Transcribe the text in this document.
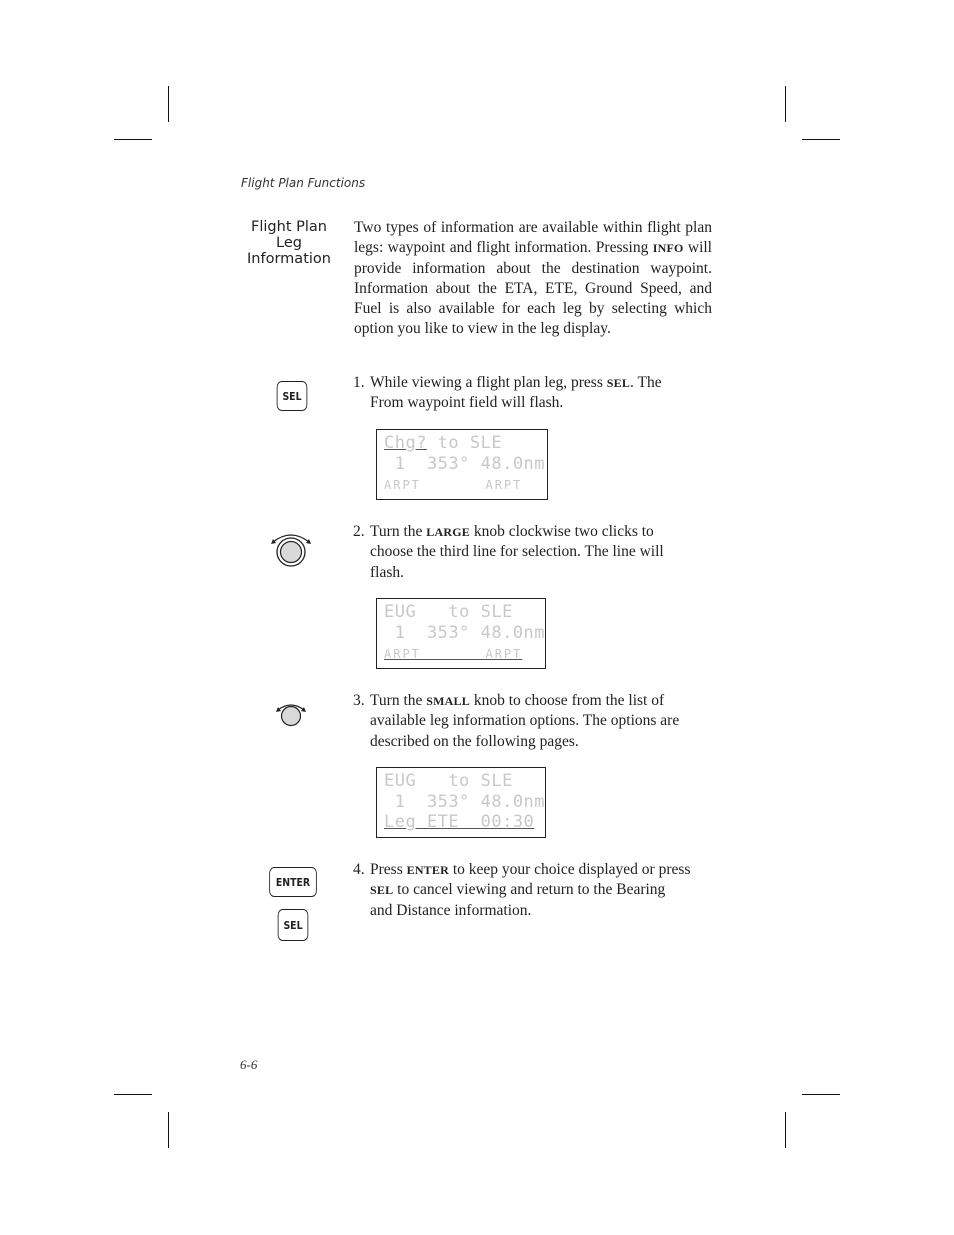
Flight Plan Functions
Flight Plan
Leg
Information
Two types of information are available within flight plan legs: waypoint and flight information. Pressing INFO will provide information about the destination waypoint. Information about the ETA, ETE, Ground Speed, and Fuel is also available for each leg by selecting which option you like to view in the leg display.
SEL
1. While viewing a flight plan leg, press SEL. The
From waypoint field will flash.
Chg? to SLE
1  353° 48.0nm
ARPT       ARPT
2. Turn the LARGE knob clockwise two clicks to
choose the third line for selection. The line will
flash.
EUG   to SLE
1  353° 48.0nm
ARPT       ARPT
3. Turn the SMALL knob to choose from the list of
available leg information options. The options are
described on the following pages.
EUG   to SLE
1  353° 48.0nm
Leg ETE  00:30
ENTER
SEL
4. Press ENTER to keep your choice displayed or press
SEL to cancel viewing and return to the Bearing
and Distance information.
6-6
